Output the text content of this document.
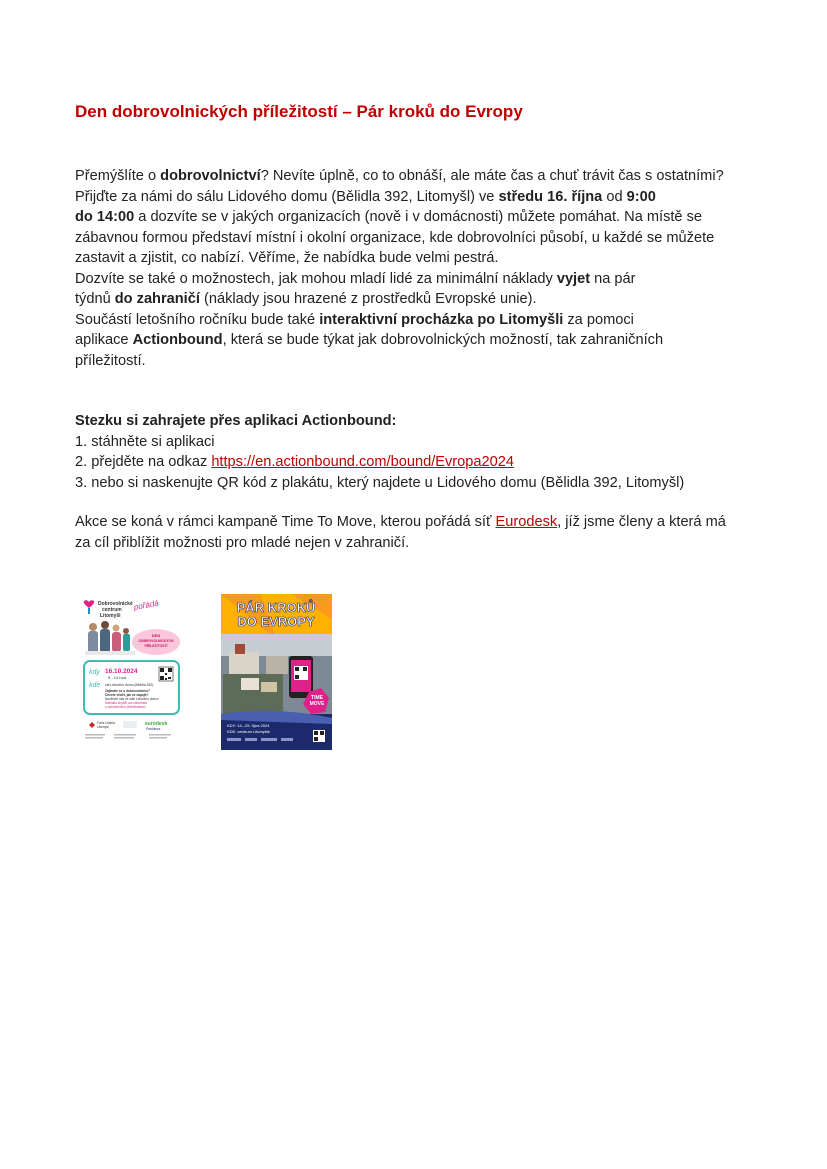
Den dobrovolnických příležitostí – Pár kroků do Evropy
Přemýšlíte o dobrovolnictví? Nevíte úplně, co to obnáší, ale máte čas a chuť trávit čas s ostatními?
Přijďte za námi do sálu Lidového domu (Bělidla 392, Litomyšl) ve středu 16. října od 9:00
do 14:00 a dozvíte se v jakých organizacích (nově i v domácnosti) můžete pomáhat. Na místě se
zábavnou formou představí místní i okolní organizace, kde dobrovolníci působí, u každé se můžete
zastavit a zjistit, co nabízí. Věříme, že nabídka bude velmi pestrá.
Dozvíte se také o možnostech, jak mohou mladí lidé za minimální náklady vyjet na pár
týdnů do zahraničí (náklady jsou hrazené z prostředků Evropské unie).
Součástí letošního ročníku bude také interaktivní procházka po Litomyšli za pomoci
aplikace Actionbound, která se bude týkat jak dobrovolnických možností, tak zahraničních
příležitostí.
Stezku si zahrajete přes aplikaci Actionbound:
1. stáhněte si aplikaci
2. přejděte na odkaz https://en.actionbound.com/bound/Evropa2024
3. nebo si naskenujte QR kód z plakátu, který najdete u Lidového domu (Bělidla 392, Litomyšl)
Akce se koná v rámci kampaně Time To Move, kterou pořádá síť Eurodesk, jíž jsme členy a která má
za cíl přiblížit možnosti pro mladé nejen v zahraničí.
Dobrovolnické
centrum
Litomyšl
pořádá
DEN
DOBROVOLNICKÝCH
PŘÍLEŽITOSTÍ
kdy 16.10.2024
9 - 14 hod.
kde sál Lidového domu (Bělidla 392)
Zajímáte se o dobrovolnictví?
Chcete vědět, jak se zapojit?
Navštivte nás ve sále Lidového domu!
Nabídka chybět ani informace
o zahraničních příležitostech
Farní charita
Litomyšl	eurodesk
Pardubice
PÁR KROKŮ
DO EVROPY
TIME
MOVE
KDY: 14.–25. října 2024
KDE: centrum Litomyšle
